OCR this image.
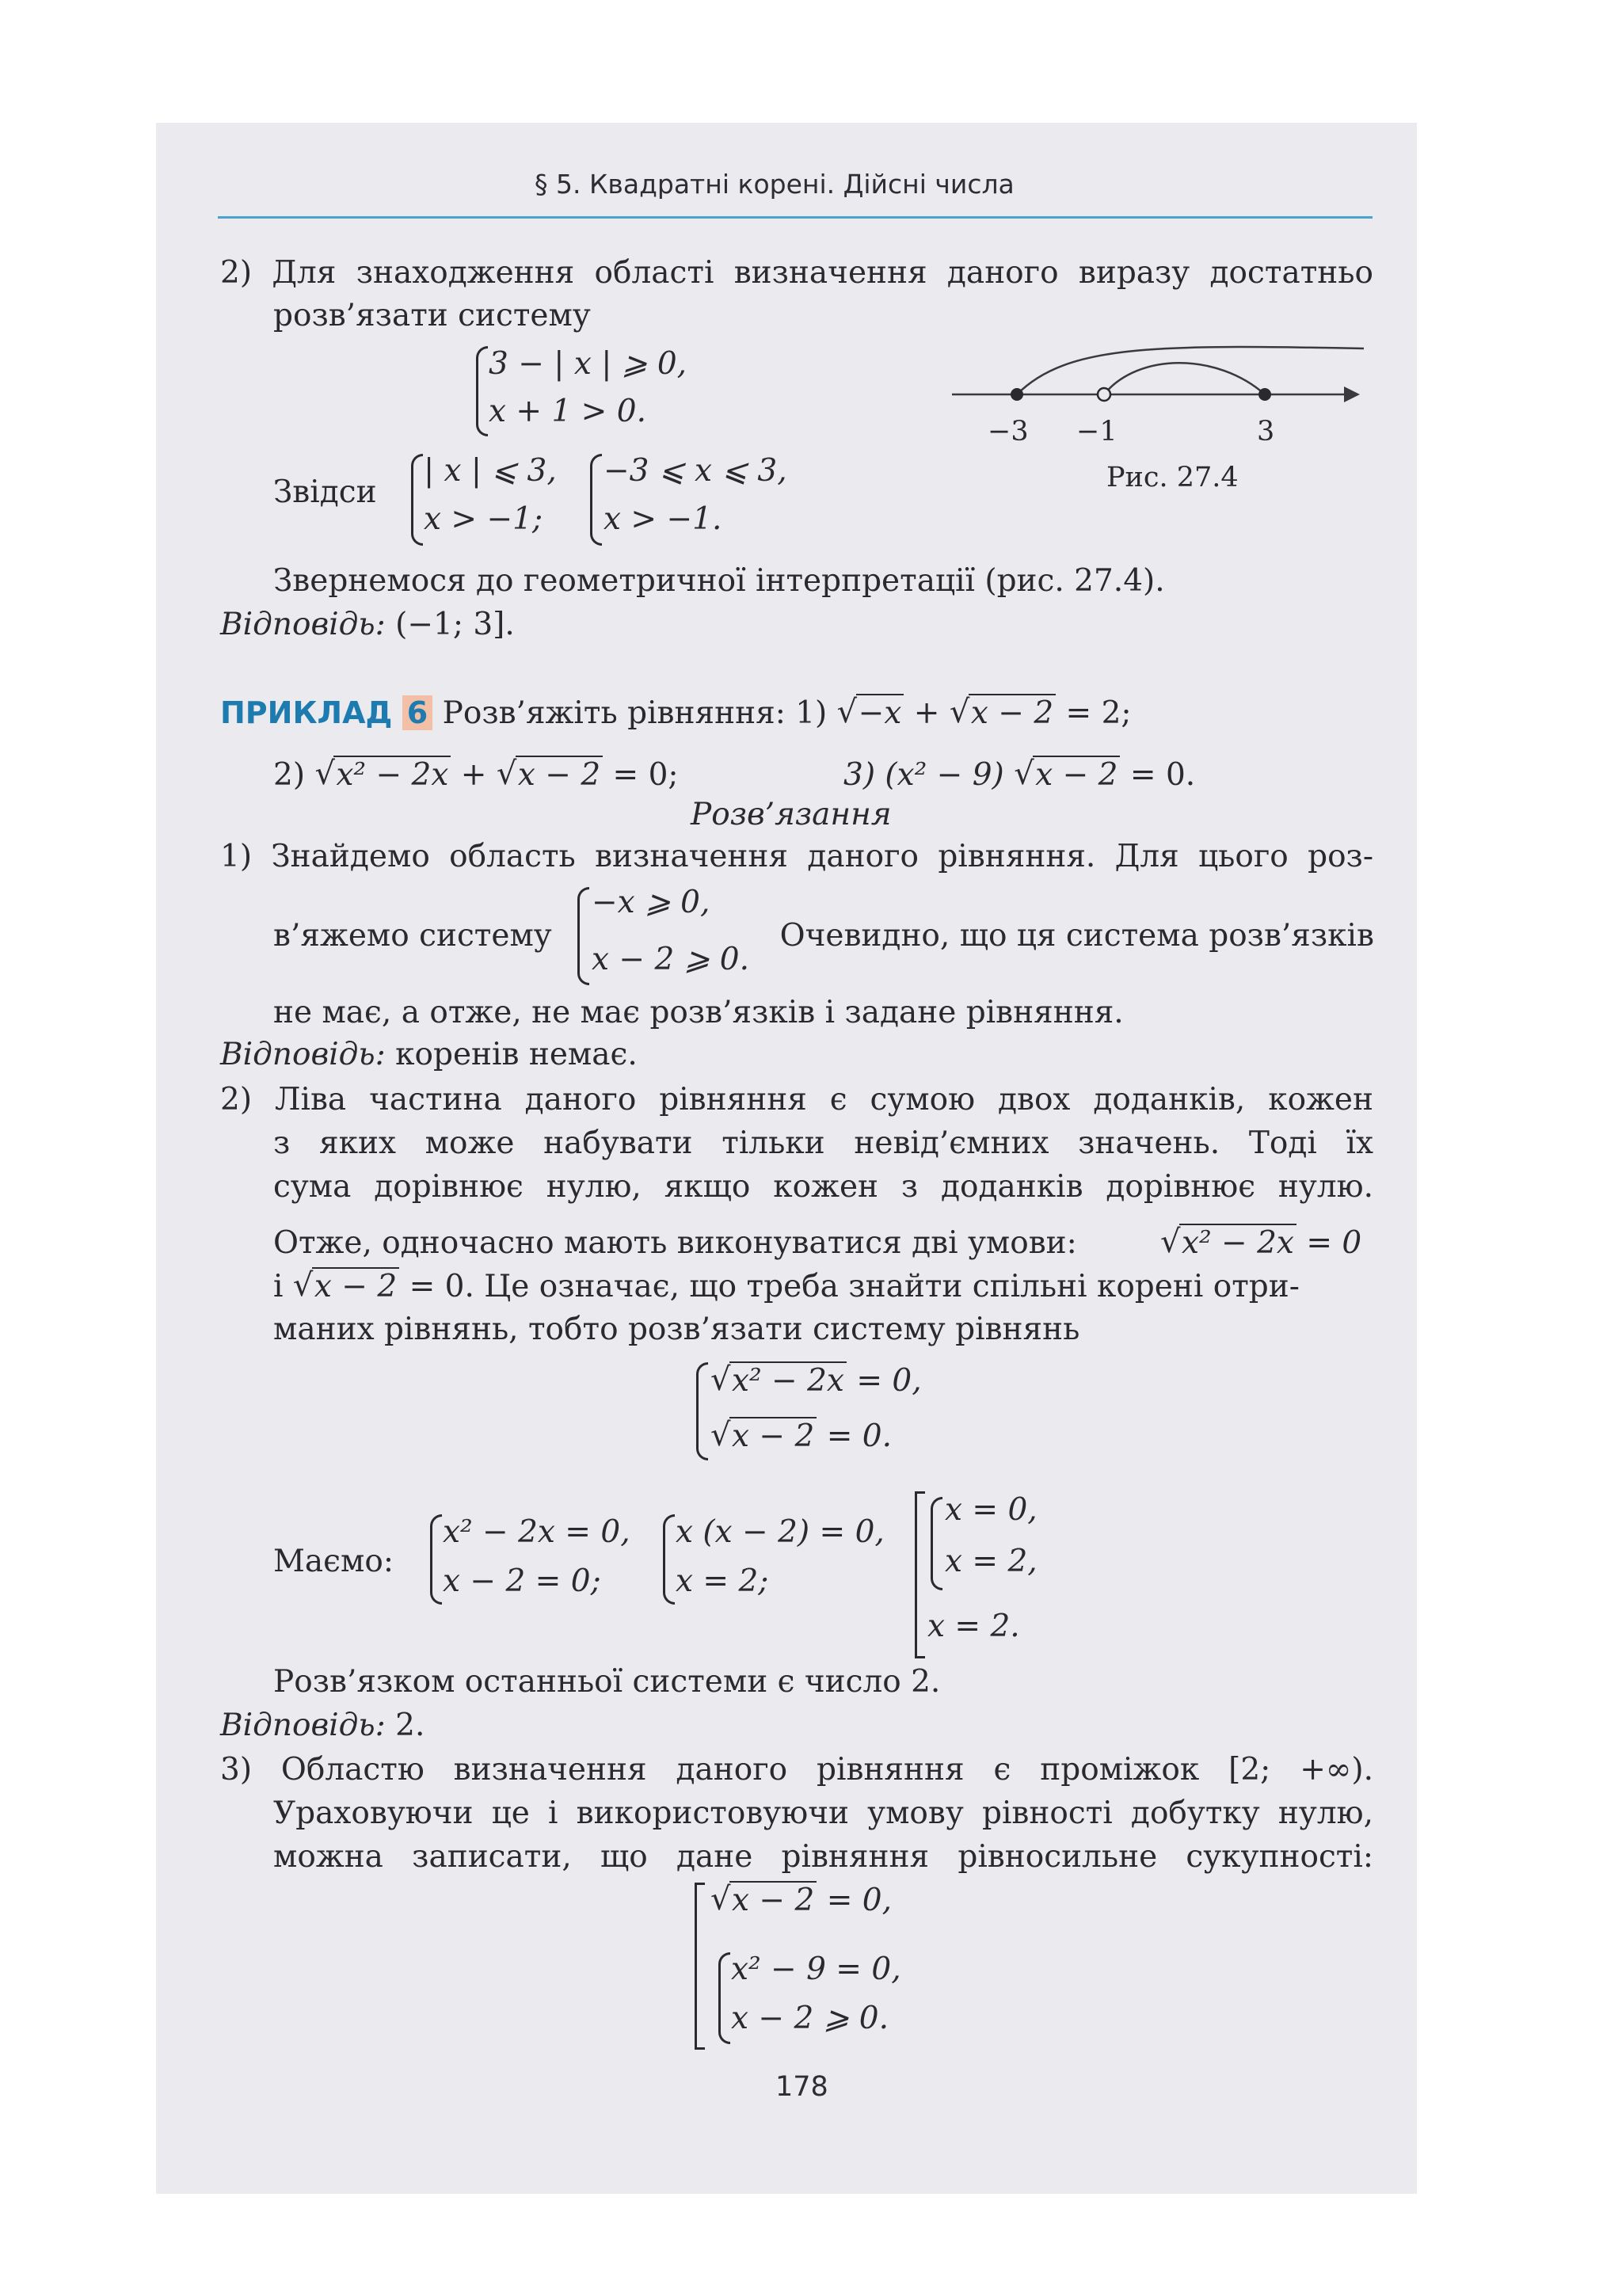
§ 5. Квадратні корені. Дійсні числа
2) Для знаходження області визначення даного виразу достатньо
розв’язати систему
3 − | x | ⩾ 0,
x + 1 > 0.
Звідси
| x | ⩽ 3,
x > −1;
−3 ⩽ x ⩽ 3,
x > −1.
−3 −1	3
Рис. 27.4
Звернемося до геометричної інтерпретації (рис. 27.4).
Відповідь: (−1; 3].
ПРИКЛАД 6 Розв’яжіть рівняння: 1) √ −x + √ x − 2 = 2;
2) √ x² − 2x + √ x − 2 = 0;	3) (x² − 9) √ x − 2 = 0.
Розв’язання
1) Знайдемо область визначення даного рівняння. Для цього роз-
в’яжемо систему
−x ⩾ 0,
x − 2 ⩾ 0.
Очевидно, що ця система розв’язків
не має, а отже, не має розв’язків і задане рівняння.
Відповідь: коренів немає.
2) Ліва частина даного рівняння є сумою двох доданків, кожен
з яких може набувати тільки невід’ємних значень. Тоді їх
сума дорівнює нулю, якщо кожен з доданків дорівнює нулю.
Отже, одночасно мають виконуватися дві умови:	√ x² − 2x = 0
і √ x − 2 = 0. Це означає, що треба знайти спільні корені отри-
маних рівнянь, тобто розв’язати систему рівнянь
√ x² − 2x = 0,
√ x − 2 = 0.
Маємо:
x² − 2x = 0,
x − 2 = 0;
x (x − 2) = 0,
x = 2;
x = 0,
x = 2,
x = 2.
Розв’язком останньої системи є число 2.
Відповідь: 2.
3) Областю визначення даного рівняння є проміжок [2; +∞).
Ураховуючи це і використовуючи умову рівності добутку нулю,
можна записати, що дане рівняння рівносильне сукупності:
√ x − 2 = 0,
x² − 9 = 0,
x − 2 ⩾ 0.
178
